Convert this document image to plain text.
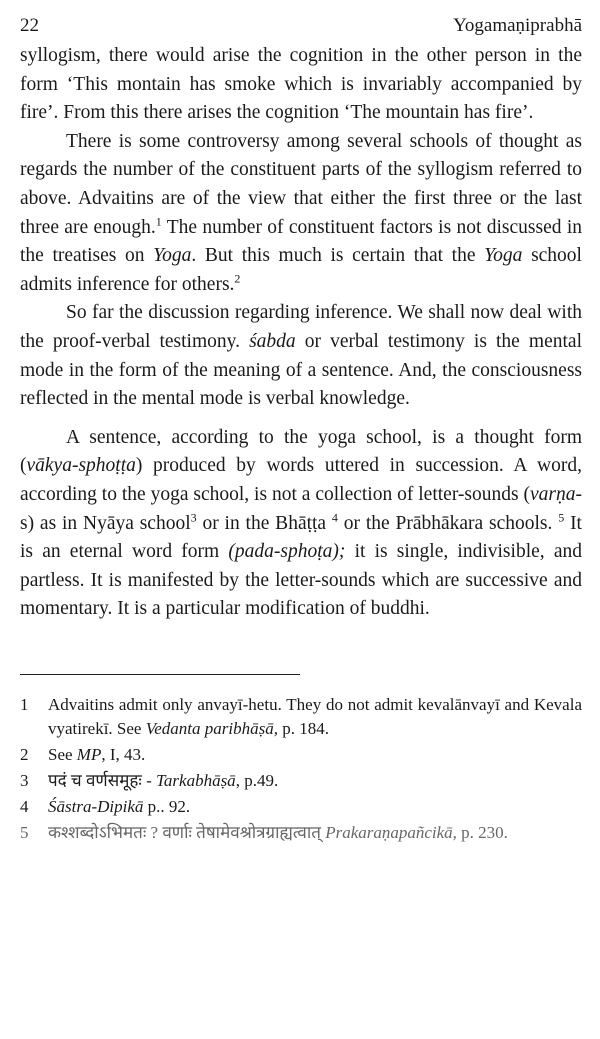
22	Yogamaṇiprabhā

syllogism, there would arise the cognition in the other person in the form ‘This montain has smoke which is invariably accompanied by fire’. From this there arises the cognition ‘The mountain has fire’.

There is some controversy among several schools of thought as regards the number of the constituent parts of the syllogism referred to above. Advaitins are of the view that either the first three or the last three are enough.$^1$ The number of constituent factors is not discussed in the treatises on Yoga. But this much is certain that the Yoga school admits inference for others.$^2$

So far the discussion regarding inference. We shall now deal with the proof-verbal testimony. śabda or verbal testimony is the mental mode in the form of the meaning of a sentence. And, the consciousness reflected in the mental mode is verbal knowledge.

A sentence, according to the yoga school, is a thought form (vākya-sphoṭṭa) produced by words uttered in succession. A word, according to the yoga school, is not a collection of letter-sounds (varṇa-s) as in Nyāya school$^3$ or in the Bhāṭṭa $^4$ or the Prābhākara schools. $^5$ It is an eternal word form (pada-sphoṭa); it is single, indivisible, and partless. It is manifested by the letter-sounds which are successive and momentary. It is a particular modification of buddhi.

1	Advaitins admit only anvayī-hetu. They do not admit kevalānvayī and Kevala vyatirekī. See Vedanta paribhāṣā, p. 184.
2	See MP, I, 43.
3	पदं च वर्णसमूहः - Tarkabhāṣā, p.49.
4	Śāstra-Dipikā p.. 92.
5	कश्शब्दोऽभिमतः ? वर्णाः तेषामेवश्रोत्रग्राह्यत्वात् Prakaraṇapañcikā, p. 230.
